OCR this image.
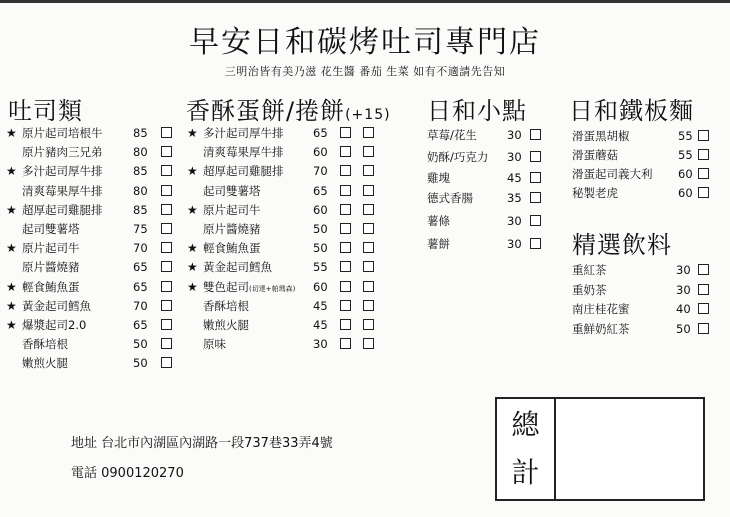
早安日和碳烤吐司專門店
三明治皆有美乃滋 花生醬 番茄 生菜 如有不適請先告知
吐司類	香酥蛋餅/捲餅(+15) 日和小點 日和鐵板麵
精選飲料
★ 原片起司培根牛	85
原片豬肉三兄弟	80
★ 多汁起司厚牛排	85
清爽莓果厚牛排	80
★ 超厚起司雞腿排	85
起司雙薯塔	75
★ 原片起司牛	70
原片醬燒豬	65
★ 輕食鮪魚蛋	65
★ 黃金起司鱈魚	70
★ 爆漿起司2.0	65
香酥培根	50
嫩煎火腿	50
★ 多汁起司厚牛排	65
清爽莓果厚牛排	60
★ 超厚起司雞腿排	70
起司雙薯塔	65
★ 原片起司牛	60
原片醬燒豬	50
★ 輕食鮪魚蛋	50
★ 黃金起司鱈魚	55
★ 雙色起司(切達+帕瑪森) 60
香酥培根	45
嫩煎火腿	45
原味	30
草莓/花生	30
奶酥/巧克力 30
雞塊	45
德式香腸	35
薯條	30
薯餅	30
滑蛋黑胡椒	55
滑蛋蘑菇	55
滑蛋起司義大利 60
秘製老虎	60
重紅茶	30
重奶茶	30
南庄桂花蜜	40
重鮮奶紅茶	50
地址 台北市內湖區內湖路一段737巷33弄4號
電話 0900120270
總
計
